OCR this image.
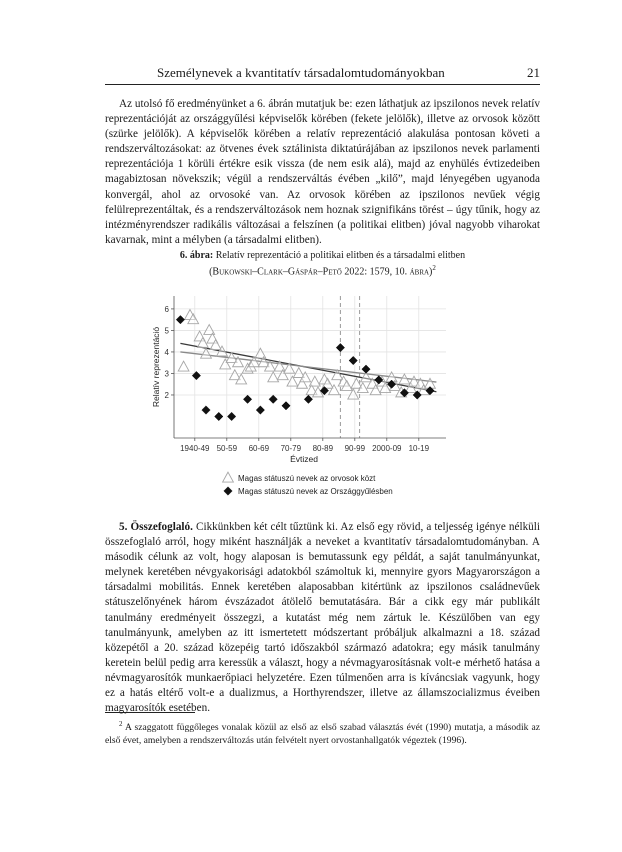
Személynevek a kvantitatív társadalomtudományokban	21

Az utolsó fő eredményünket a 6. ábrán mutatjuk be: ezen láthatjuk az ipszilonos nevek relatív reprezentációját az országgyűlési képviselők körében (fekete jelölők), illetve az orvosok között (szürke jelölők). A képviselők körében a relatív reprezentáció alakulása pontosan követi a rendszerváltozásokat: az ötvenes évek sztálinista diktatúrájában az ipszilonos nevek parlamenti reprezentációja 1 körüli értékre esik vissza (de nem esik alá), majd az enyhülés évtizedeiben magabiztosan növekszik; végül a rendszerváltás évében „kilő”, majd lényegében ugyanoda konvergál, ahol az orvosoké van. Az orvosok körében az ipszilonos nevűek végig felülreprezentáltak, és a rendszerváltozások nem hoznak szignifikáns törést – úgy tűnik, hogy az intézményrendszer radikális változásai a felszínen (a politikai elitben) jóval nagyobb viharokat kavarnak, mint a mélyben (a társadalmi elitben).

6. ábra: Relatív reprezentáció a politikai elitben és a társadalmi elitben
(Bukowski–Clark–Gáspár–Pető 2022: 1579, 10. ábra)$^2$
2
3
4
5
6
1940-49 50-59 60-69 70-79 80-89 90-99 2000-09 10-19
Évtized
Relatív reprezentáció
Magas státuszú nevek az orvosok közt
Magas státuszú nevek az Országgyűlésben

5. Összefoglaló. Cikkünkben két célt tűztünk ki. Az első egy rövid, a teljesség igénye nélküli összefoglaló arról, hogy miként használják a neveket a kvantitatív társadalomtudományban. A második célunk az volt, hogy alaposan is bemutassunk egy példát, a saját tanulmányunkat, melynek keretében névgyakorisági adatokból számoltuk ki, mennyire gyors Magyarországon a társadalmi mobilitás. Ennek keretében alaposabban kitértünk az ipszilonos családnevűek státuszelőnyének három évszázadot átölelő bemutatására. Bár a cikk egy már publikált tanulmány eredményeit összegzi, a kutatást még nem zártuk le. Készülőben van egy tanulmányunk, amelyben az itt ismertetett módszertant próbáljuk alkalmazni a 18. század közepétől a 20. század közepéig tartó időszakból származó adatokra; egy másik tanulmány keretein belül pedig arra keressük a választ, hogy a névmagyarosításnak volt-e mérhető hatása a névmagyarosítók munkaerőpiaci helyzetére. Ezen túlmenően arra is kíváncsiak vagyunk, hogy ez a hatás eltérő volt-e a dualizmus, a Horthyrendszer, illetve az államszocializmus éveiben magyarosítók esetében.

$^2$ A szaggatott függőleges vonalak közül az első az első szabad választás évét (1990) mutatja, a második az első évet, amelyben a rendszerváltozás után felvételt nyert orvostanhallgatók végeztek (1996).
